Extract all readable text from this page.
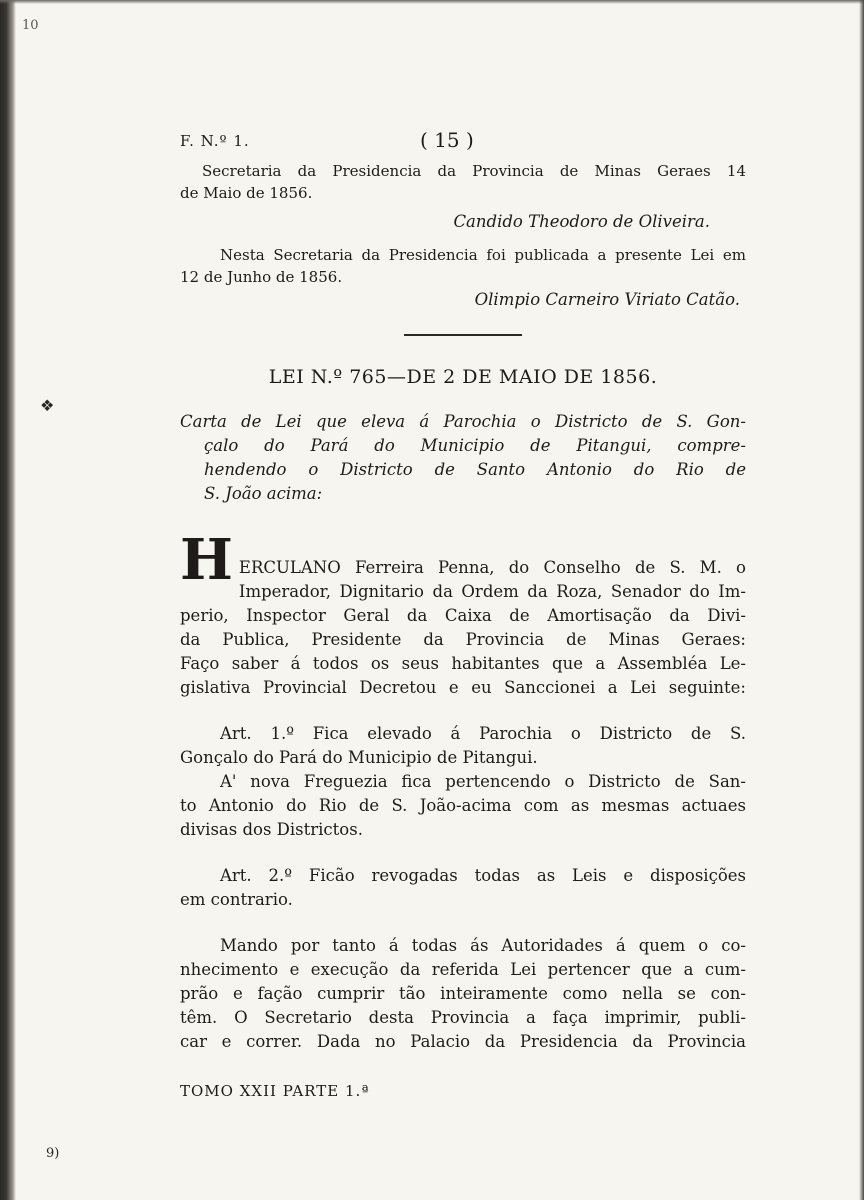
10
❖
9)
F. N.º 1.	( 15 )
Secretaria da Presidencia da Provincia de Minas Geraes 14
de Maio de 1856.
Candido Theodoro de Oliveira.
Nesta Secretaria da Presidencia foi publicada a presente Lei em
12 de Junho de 1856.
Olimpio Carneiro Viriato Catão.
LEI N.º 765—DE 2 DE MAIO DE 1856.
Carta de Lei que eleva á Parochia o Districto de S. Gon-
çalo do Pará do Municipio de Pitangui, compre-
hendendo o Districto de Santo Antonio do Rio de
S. João acima:
H ERCULANO Ferreira Penna, do Conselho de S. M. o
Imperador, Dignitario da Ordem da Roza, Senador do Im-
perio, Inspector Geral da Caixa de Amortisação da Divi-
da Publica, Presidente da Provincia de Minas Geraes:
Faço saber á todos os seus habitantes que a Assembléa Le-
gislativa Provincial Decretou e eu Sanccionei a Lei seguinte:
Art. 1.º Fica elevado á Parochia o Districto de S.
Gonçalo do Pará do Municipio de Pitangui.
A' nova Freguezia fica pertencendo o Districto de San-
to Antonio do Rio de S. João-acima com as mesmas actuaes
divisas dos Districtos.
Art. 2.º Ficão revogadas todas as Leis e disposições
em contrario.
Mando por tanto á todas ás Autoridades á quem o co-
nhecimento e execução da referida Lei pertencer que a cum-
prão e fação cumprir tão inteiramente como nella se con-
têm. O Secretario desta Provincia a faça imprimir, publi-
car e correr. Dada no Palacio da Presidencia da Provincia
TOMO XXII PARTE 1.ª
